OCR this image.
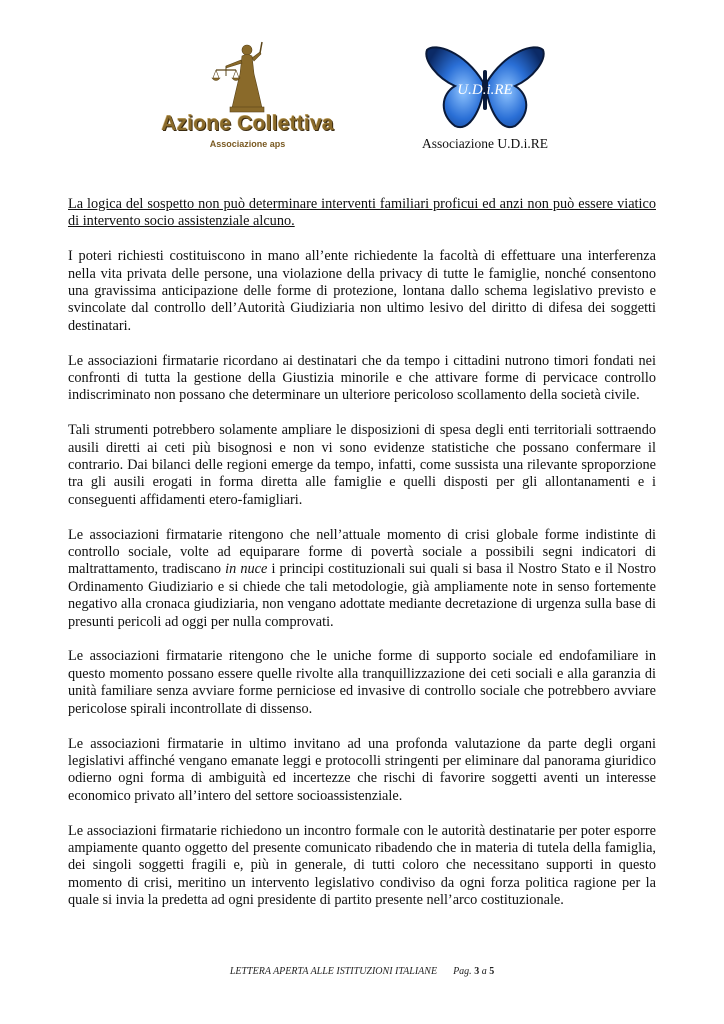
Azione Collettiva
Associazione aps
U.D.i.RE
Associazione U.D.i.RE

La logica del sospetto non può determinare interventi familiari proficui ed anzi non può essere viatico di intervento socio assistenziale alcuno.

I poteri richiesti costituiscono in mano all’ente richiedente la facoltà di effettuare una interferenza nella vita privata delle persone, una violazione della privacy di tutte le famiglie, nonché consentono una gravissima anticipazione delle forme di protezione, lontana dallo schema legislativo previsto e svincolate dal controllo dell’Autorità Giudiziaria non ultimo lesivo del diritto di difesa dei soggetti destinatari.

Le associazioni firmatarie ricordano ai destinatari che da tempo i cittadini nutrono timori fondati nei confronti di tutta la gestione della Giustizia minorile e che attivare forme di pervicace controllo indiscriminato non possano che determinare un ulteriore pericoloso scollamento della società civile.

Tali strumenti potrebbero solamente ampliare le disposizioni di spesa degli enti territoriali sottraendo ausili diretti ai ceti più bisognosi e non vi sono evidenze statistiche che possano confermare il contrario. Dai bilanci delle regioni emerge da tempo, infatti, come sussista una rilevante sproporzione tra gli ausili erogati in forma diretta alle famiglie e quelli disposti per gli allontanamenti e i conseguenti affidamenti etero-famigliari.

Le associazioni firmatarie ritengono che nell’attuale momento di crisi globale forme indistinte di controllo sociale, volte ad equiparare forme di povertà sociale a possibili segni indicatori di maltrattamento, tradiscano in nuce i principi costituzionali sui quali si basa il Nostro Stato e il Nostro Ordinamento Giudiziario e si chiede che tali metodologie, già ampliamente note in senso fortemente negativo alla cronaca giudiziaria, non vengano adottate mediante decretazione di urgenza sulla base di presunti pericoli ad oggi per nulla comprovati.

Le associazioni firmatarie ritengono che le uniche forme di supporto sociale ed endofamiliare in questo momento possano essere quelle rivolte alla tranquillizzazione dei ceti sociali e alla garanzia di unità familiare senza avviare forme perniciose ed invasive di controllo sociale che potrebbero avviare pericolose spirali incontrollate di dissenso.

Le associazioni firmatarie in ultimo invitano ad una profonda valutazione da parte degli organi legislativi affinché vengano emanate leggi e protocolli stringenti per eliminare dal panorama giuridico odierno ogni forma di ambiguità ed incertezze che rischi di favorire soggetti aventi un interesse economico privato all’intero del settore socioassistenziale.

Le associazioni firmatarie richiedono un incontro formale con le autorità destinatarie per poter esporre ampiamente quanto oggetto del presente comunicato ribadendo che in materia di tutela della famiglia, dei singoli soggetti fragili e, più in generale, di tutti coloro che necessitano supporti in questo momento di crisi, meritino un intervento legislativo condiviso da ogni forza politica ragione per la quale si invia la predetta ad ogni presidente di partito presente nell’arco costituzionale.

LETTERA APERTA ALLE ISTITUZIONI ITALIANE Pag. 3 a 5
